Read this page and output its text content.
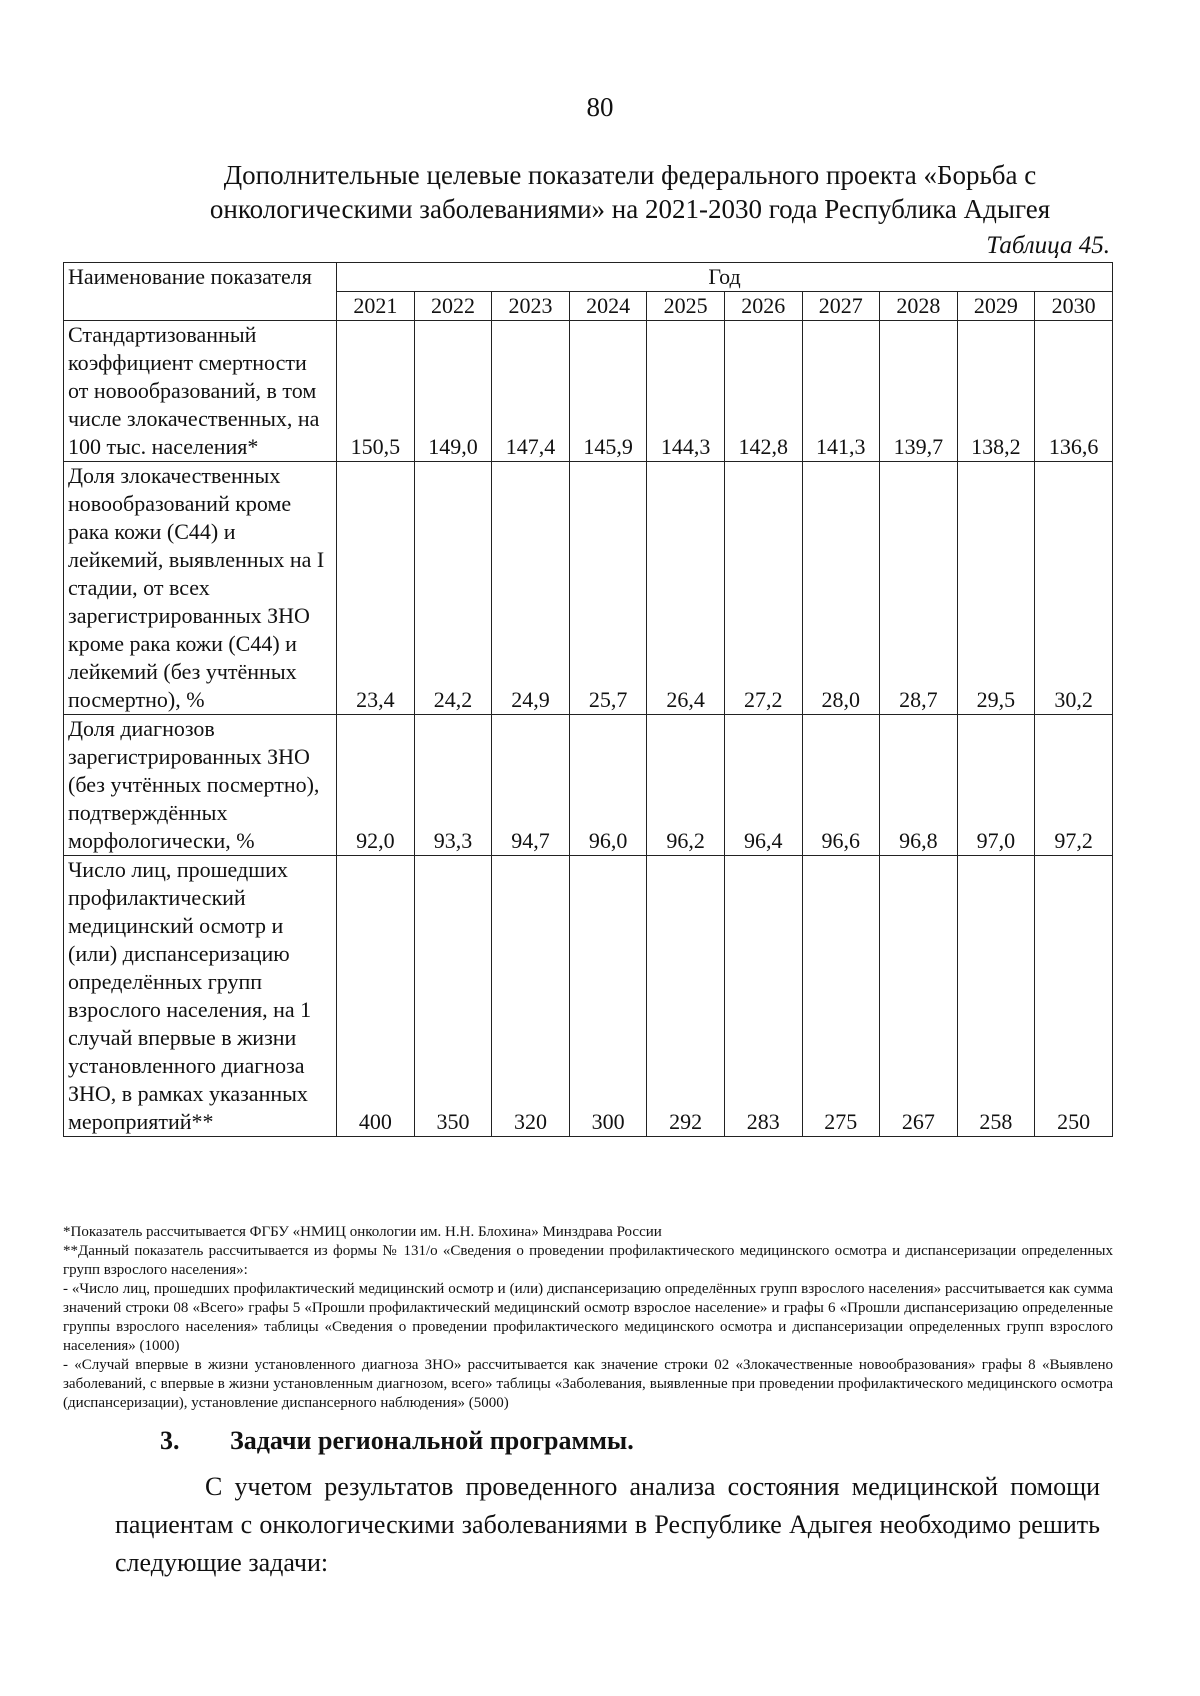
80
Дополнительные целевые показатели федерального проекта «Борьба с
онкологическими заболеваниями» на 2021-2030 года Республика Адыгея
Таблица 45.
Наименование показателя	Год									
	2021	2022	2023	2024	2025	2026	2027	2028	2029	2030
Стандартизованный коэффициент смертности от новообразований, в том числе злокачественных, на 100 тыс. населения*	150,5	149,0	147,4	145,9	144,3	142,8	141,3	139,7	138,2	136,6
Доля злокачественных новообразований кроме рака кожи (С44) и лейкемий, выявленных на I стадии, от всех зарегистрированных ЗНО кроме рака кожи (С44) и лейкемий (без учтённых посмертно), %	23,4	24,2	24,9	25,7	26,4	27,2	28,0	28,7	29,5	30,2
Доля диагнозов зарегистрированных ЗНО (без учтённых посмертно), подтверждённых морфологически, %	92,0	93,3	94,7	96,0	96,2	96,4	96,6	96,8	97,0	97,2
Число лиц, прошедших профилактический медицинский осмотр и (или) диспансеризацию определённых групп взрослого населения, на 1 случай впервые в жизни установленного диагноза ЗНО, в рамках указанных мероприятий**	400	350	320	300	292	283	275	267	258	250

*Показатель рассчитывается ФГБУ «НМИЦ онкологии им. Н.Н. Блохина» Минздрава России

**Данный показатель рассчитывается из формы № 131/о «Сведения о проведении профилактического медицинского осмотра и диспансеризации определенных групп взрослого населения»:

- «Число лиц, прошедших профилактический медицинский осмотр и (или) диспансеризацию определённых групп взрослого населения» рассчитывается как сумма значений строки 08 «Всего» графы 5 «Прошли профилактический медицинский осмотр взрослое население» и графы 6 «Прошли диспансеризацию определенные группы взрослого населения» таблицы «Сведения о проведении профилактического медицинского осмотра и диспансеризации определенных групп взрослого населения» (1000)

- «Случай впервые в жизни установленного диагноза ЗНО» рассчитывается как значение строки 02 «Злокачественные новообразования» графы 8 «Выявлено заболеваний, с впервые в жизни установленным диагнозом, всего» таблицы «Заболевания, выявленные при проведении профилактического медицинского осмотра (диспансеризации), установление диспансерного наблюдения» (5000)

3. Задачи региональной программы.
С учетом результатов проведенного анализа состояния медицинской помощи пациентам с онкологическими заболеваниями в Республике Адыгея необходимо решить следующие задачи:
